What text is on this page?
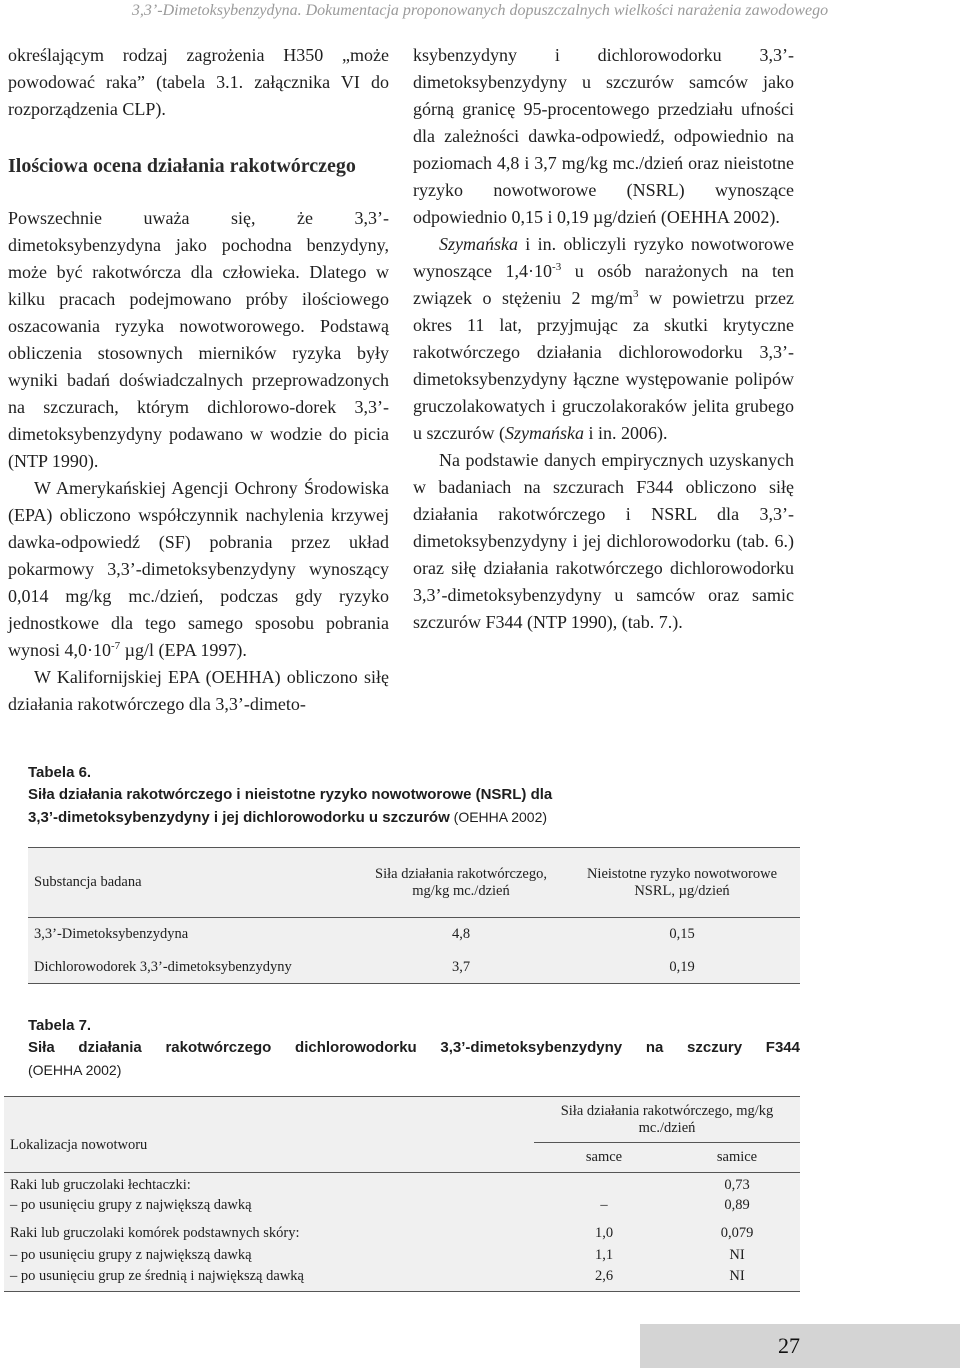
3,3’-Dimetoksybenzydyna. Dokumentacja proponowanych dopuszczalnych wielkości narażenia zawodowego

określającym rodzaj zagrożenia H350 „może powodować raka” (tabela 3.1. załącznika VI do rozporządzenia CLP).

Ilościowa ocena działania rakotwórczego

Powszechnie uważa się, że 3,3’-dimetoksybenzydyna jako pochodna benzydyny, może być rakotwórcza dla człowieka. Dlatego w kilku pracach podejmowano próby ilościowego oszacowania ryzyka nowotworowego. Podstawą obliczenia stosownych mierników ryzyka były wyniki badań doświadczalnych przeprowadzonych na szczurach, którym dichlorowo-dorek 3,3’-dimetoksybenzydyny podawano w wodzie do picia (NTP 1990).

W Amerykańskiej Agencji Ochrony Środowiska (EPA) obliczono współczynnik nachylenia krzywej dawka-odpowiedź (SF) pobrania przez układ pokarmowy 3,3’-dimetoksybenzydyny wynoszący 0,014 mg/kg mc./dzień, podczas gdy ryzyko jednostkowe dla tego samego sposobu pobrania wynosi $4,0\cdot 10^{-7}$ µg/l (EPA 1997).

W Kalifornijskiej EPA (OEHHA) obliczono siłę działania rakotwórczego dla 3,3’-dimeto-

ksybenzydyny i dichlorowodorku 3,3’-dimetoksybenzydyny u szczurów samców jako górną granicę 95-procentowego przedziału ufności dla zależności dawka-odpowiedź, odpowiednio na poziomach 4,8 i 3,7 mg/kg mc./dzień oraz nieistotne ryzyko nowotworowe (NSRL) wynoszące odpowiednio 0,15 i 0,19 µg/dzień (OEHHA 2002).

Szymańska i in. obliczyli ryzyko nowotworowe wynoszące $1,4\cdot 10^{-3}$ u osób narażonych na ten związek o stężeniu 2 $mg/m^3$ w powietrzu przez okres 11 lat, przyjmując za skutki krytyczne rakotwórczego działania dichlorowodorku 3,3’-dimetoksybenzydyny łączne występowanie polipów gruczolakowatych i gruczolakoraków jelita grubego u szczurów (Szymańska i in. 2006).

Na podstawie danych empirycznych uzyskanych w badaniach na szczurach F344 obliczono siłę działania rakotwórczego i NSRL dla 3,3’-dimetoksybenzydyny i jej dichlorowodorku (tab. 6.) oraz siłę działania rakotwórczego dichlorowodorku 3,3’-dimetoksybenzydyny u samców oraz samic szczurów F344 (NTP 1990), (tab. 7.).

Tabela 6.
Siła działania rakotwórczego i nieistotne ryzyko nowotworowe (NSRL) dla
3,3’-dimetoksybenzydyny i jej dichlorowodorku u szczurów (OEHHA 2002)
Substancja badana	Siła działania rakotwórczego, mg/kg mc./dzień	Nieistotne ryzyko nowotworowe NSRL, µg/dzień
3,3’-Dimetoksybenzydyna	4,8	0,15
Dichlorowodorek 3,3’-dimetoksybenzydyny	3,7	0,19
Tabela 7.
Siła działania rakotwórczego dichlorowodorku 3,3’-dimetoksybenzydyny na szczury F344
(OEHHA 2002)
Lokalizacja nowotworu	Siła działania rakotwórczego, mg/kg mc./dzień	
	samce	samice
Raki lub gruczolaki łechtaczki:		0,73
– po usunięciu grupy z największą dawką	–	0,89
Raki lub gruczolaki komórek podstawnych skóry:	1,0	0,079
– po usunięciu grupy z największą dawką	1,1	NI
– po usunięciu grup ze średnią i największą dawką	2,6	NI
27
